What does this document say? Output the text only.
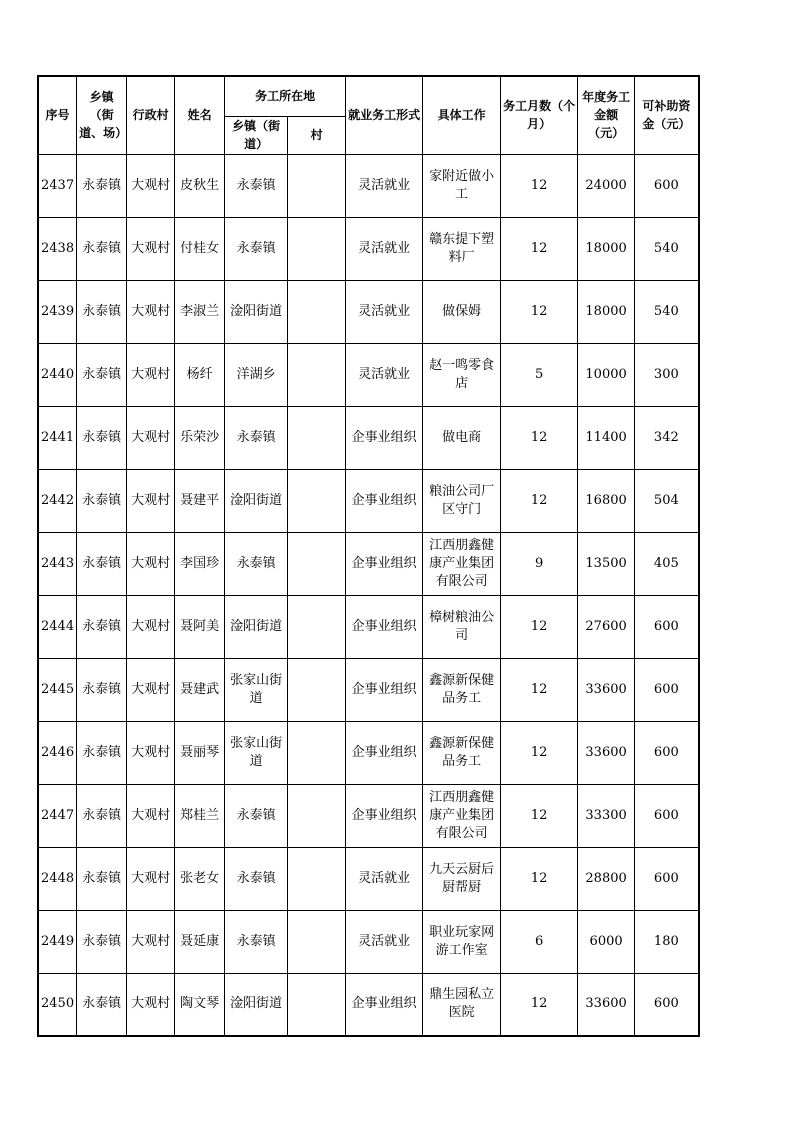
序号	乡镇（街道、场）	行政村	姓名	务工所在地		就业务工形式	具体工作	务工月数（个月）	年度务工金额（元）	可补助资金（元）
				乡镇（街道）	村					
2437	永泰镇	大观村	皮秋生	永泰镇		灵活就业	家附近做小工	12	24000	600
2438	永泰镇	大观村	付桂女	永泰镇		灵活就业	赣东提下塑料厂	12	18000	540
2439	永泰镇	大观村	李淑兰	淦阳街道		灵活就业	做保姆	12	18000	540
2440	永泰镇	大观村	杨纤	洋湖乡		灵活就业	赵一鸣零食店	5	10000	300
2441	永泰镇	大观村	乐荣沙	永泰镇		企事业组织	做电商	12	11400	342
2442	永泰镇	大观村	聂建平	淦阳街道		企事业组织	粮油公司厂区守门	12	16800	504
2443	永泰镇	大观村	李国珍	永泰镇		企事业组织	江西朋鑫健康产业集团有限公司	9	13500	405
2444	永泰镇	大观村	聂阿美	淦阳街道		企事业组织	樟树粮油公司	12	27600	600
2445	永泰镇	大观村	聂建武	张家山街道		企事业组织	鑫源新保健品务工	12	33600	600
2446	永泰镇	大观村	聂丽琴	张家山街道		企事业组织	鑫源新保健品务工	12	33600	600
2447	永泰镇	大观村	郑桂兰	永泰镇		企事业组织	江西朋鑫健康产业集团有限公司	12	33300	600
2448	永泰镇	大观村	张老女	永泰镇		灵活就业	九天云厨后厨帮厨	12	28800	600
2449	永泰镇	大观村	聂延康	永泰镇		灵活就业	职业玩家网游工作室	6	6000	180
2450	永泰镇	大观村	陶文琴	淦阳街道		企事业组织	鼎生园私立医院	12	33600	600
